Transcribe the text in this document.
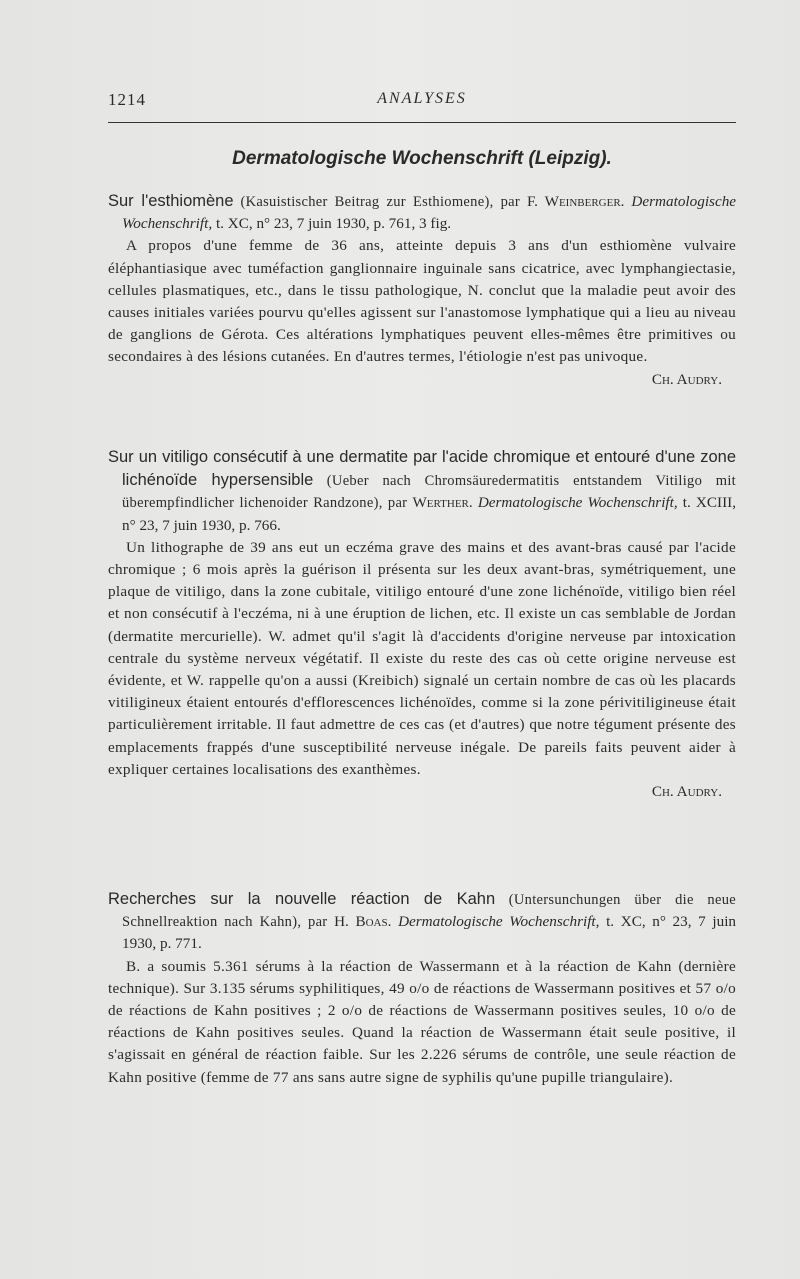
1214	ANALYSES
Dermatologische Wochenschrift (Leipzig).

Sur l'esthiomène (Kasuistischer Beitrag zur Esthiomene), par F. Weinberger. Dermatologische Wochenschrift, t. XC, n° 23, 7 juin 1930, p. 761, 3 fig.

A propos d'une femme de 36 ans, atteinte depuis 3 ans d'un esthiomène vulvaire éléphantiasique avec tuméfaction ganglionnaire inguinale sans cicatrice, avec lymphangiectasie, cellules plasmatiques, etc., dans le tissu pathologique, N. conclut que la maladie peut avoir des causes initiales variées pourvu qu'elles agissent sur l'anastomose lymphatique qui a lieu au niveau de ganglions de Gérota. Ces altérations lymphatiques peuvent elles-mêmes être primitives ou secondaires à des lésions cutanées. En d'autres termes, l'étiologie n'est pas univoque.

Ch. Audry.

Sur un vitiligo consécutif à une dermatite par l'acide chromique et entouré d'une zone lichénoïde hypersensible (Ueber nach Chromsäuredermatitis entstandem Vitiligo mit überempfindlicher lichenoider Randzone), par Werther. Dermatologische Wochenschrift, t. XCIII, n° 23, 7 juin 1930, p. 766.

Un lithographe de 39 ans eut un eczéma grave des mains et des avant-bras causé par l'acide chromique ; 6 mois après la guérison il présenta sur les deux avant-bras, symétriquement, une plaque de vitiligo, dans la zone cubitale, vitiligo entouré d'une zone lichénoïde, vitiligo bien réel et non consécutif à l'eczéma, ni à une éruption de lichen, etc. Il existe un cas semblable de Jordan (dermatite mercurielle). W. admet qu'il s'agit là d'accidents d'origine nerveuse par intoxication centrale du système nerveux végétatif. Il existe du reste des cas où cette origine nerveuse est évidente, et W. rappelle qu'on a aussi (Kreibich) signalé un certain nombre de cas où les placards vitiligineux étaient entourés d'efflorescences lichénoïdes, comme si la zone périvitiligineuse était particulièrement irritable. Il faut admettre de ces cas (et d'autres) que notre tégument présente des emplacements frappés d'une susceptibilité nerveuse inégale. De pareils faits peuvent aider à expliquer certaines localisations des exanthèmes.

Ch. Audry.

Recherches sur la nouvelle réaction de Kahn (Untersunchungen über die neue Schnellreaktion nach Kahn), par H. Boas. Dermatologische Wochenschrift, t. XC, n° 23, 7 juin 1930, p. 771.

B. a soumis 5.361 sérums à la réaction de Wassermann et à la réaction de Kahn (dernière technique). Sur 3.135 sérums syphilitiques, 49 o/o de réactions de Wassermann positives et 57 o/o de réactions de Kahn positives ; 2 o/o de réactions de Wassermann positives seules, 10 o/o de réactions de Kahn positives seules. Quand la réaction de Wassermann était seule positive, il s'agissait en général de réaction faible. Sur les 2.226 sérums de contrôle, une seule réaction de Kahn positive (femme de 77 ans sans autre signe de syphilis qu'une pupille triangulaire).
